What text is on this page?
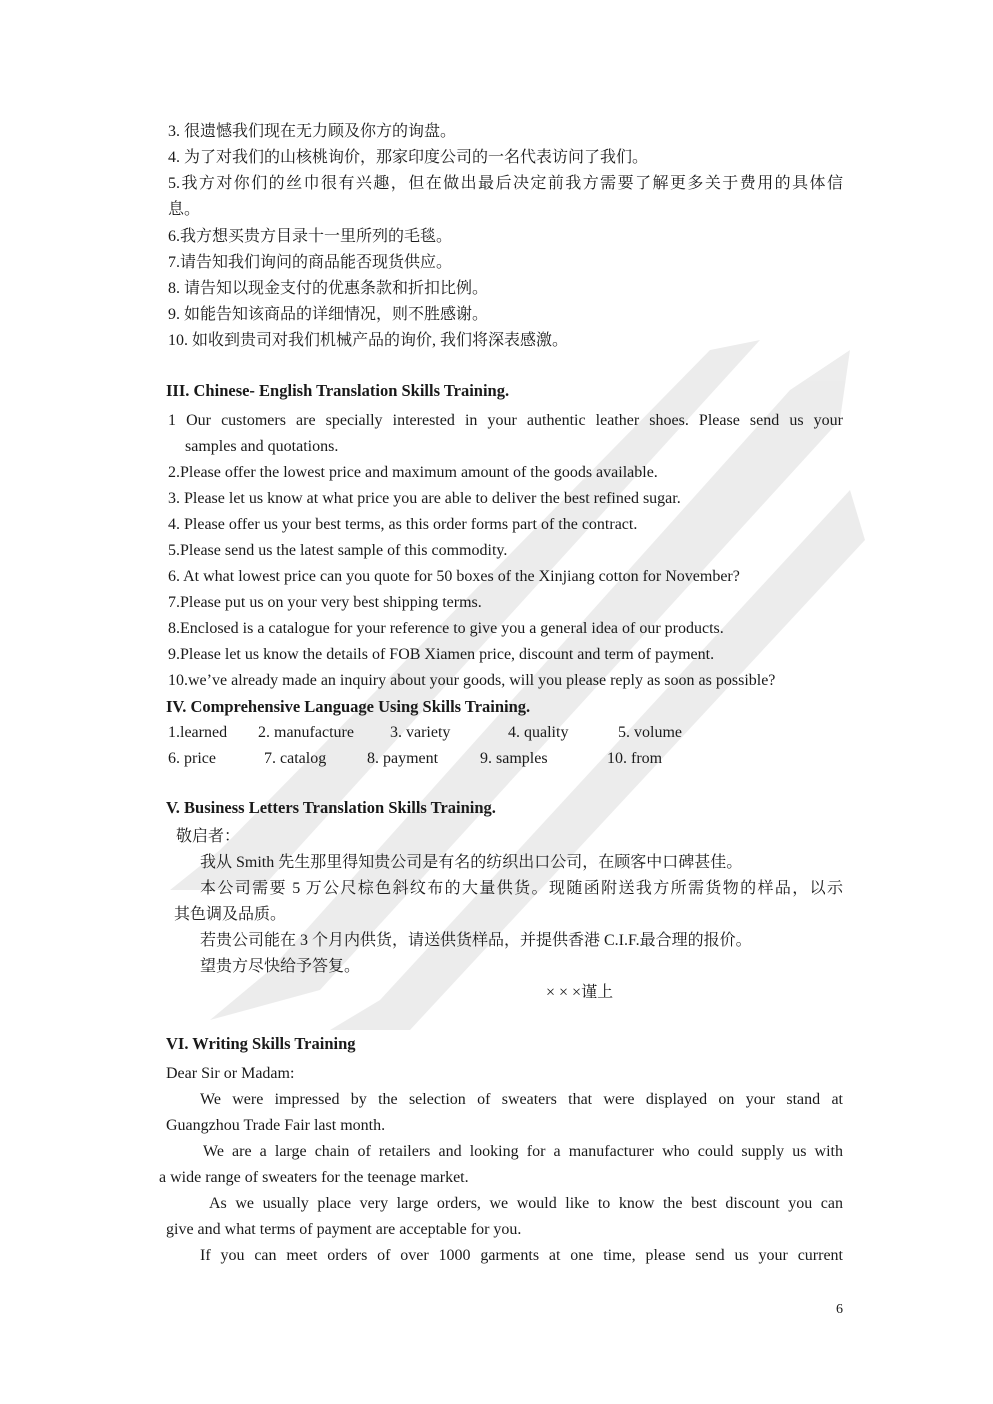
3. 很遗憾我们现在无力顾及你方的询盘。
4. 为了对我们的山核桃询价，那家印度公司的一名代表访问了我们。
5.我方对你们的丝巾很有兴趣，但在做出最后决定前我方需要了解更多关于费用的具体信
息。
6.我方想买贵方目录十一里所列的毛毯。
7.请告知我们询问的商品能否现货供应。
8. 请告知以现金支付的优惠条款和折扣比例。
9. 如能告知该商品的详细情况，则不胜感谢。
10. 如收到贵司对我们机械产品的询价, 我们将深表感激。
III. Chinese- English Translation Skills Training.
1 Our customers are specially interested in your authentic leather shoes. Please send us your
samples and quotations.
2.Please offer the lowest price and maximum amount of the goods available.
3. Please let us know at what price you are able to deliver the best refined sugar.
4. Please offer us your best terms, as this order forms part of the contract.
5.Please send us the latest sample of this commodity.
6. At what lowest price can you quote for 50 boxes of the Xinjiang cotton for November?
7.Please put us on your very best shipping terms.
8.Enclosed is a catalogue for your reference to give you a general idea of our products.
9.Please let us know the details of FOB Xiamen price, discount and term of payment.
10.we’ve already made an inquiry about your goods, will you please reply as soon as possible?
IV. Comprehensive Language Using Skills Training.
1.learned 2. manufacture 3. variety	4. quality	5. volume
6. price	7. catalog	8. payment	9. samples	10. from
V. Business Letters Translation Skills Training.
敬启者：
我从 Smith 先生那里得知贵公司是有名的纺织出口公司，在顾客中口碑甚佳。
本公司需要 5 万公尺棕色斜纹布的大量供货。现随函附送我方所需货物的样品，以示
其色调及品质。
若贵公司能在 3 个月内供货，请送供货样品，并提供香港 C.I.F.最合理的报价。
望贵方尽快给予答复。
× × ×谨上
VI. Writing Skills Training
Dear Sir or Madam:
We were impressed by the selection of sweaters that were displayed on your stand at
Guangzhou Trade Fair last month.
We are a large chain of retailers and looking for a manufacturer who could supply us with
a wide range of sweaters for the teenage market.
As we usually place very large orders, we would like to know the best discount you can
give and what terms of payment are acceptable for you.
If you can meet orders of over 1000 garments at one time, please send us your current
6
